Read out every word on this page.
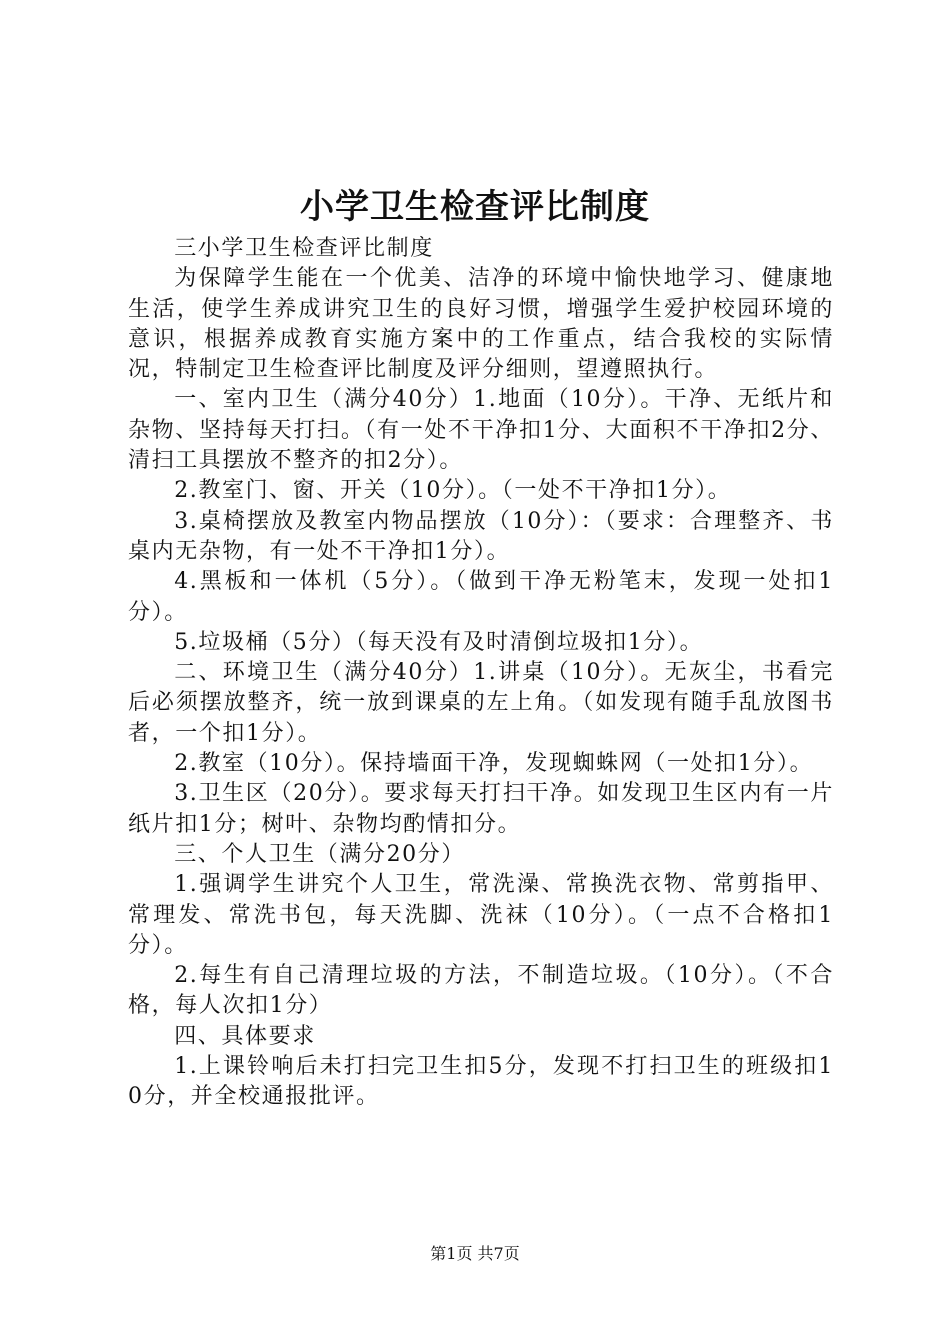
小学卫生检查评比制度

三小学卫生检查评比制度

为保障学生能在一个优美、洁净的环境中愉快地学习、健康地生活，使学生养成讲究卫生的良好习惯，增强学生爱护校园环境的意识，根据养成教育实施方案中的工作重点，结合我校的实际情况，特制定卫生检查评比制度及评分细则，望遵照执行。

一、室内卫生（满分40分）1.地面（10分）。干净、无纸片和杂物、坚持每天打扫。（有一处不干净扣1分、大面积不干净扣2分、清扫工具摆放不整齐的扣2分）。

2.教室门、窗、开关（10分）。（一处不干净扣1分）。

3.桌椅摆放及教室内物品摆放（10分）：（要求：合理整齐、书桌内无杂物，有一处不干净扣1分）。

4.黑板和一体机（5分）。（做到干净无粉笔末，发现一处扣1分）。

5.垃圾桶（5分）（每天没有及时清倒垃圾扣1分）。

二、环境卫生（满分40分）1.讲桌（10分）。无灰尘，书看完后必须摆放整齐，统一放到课桌的左上角。（如发现有随手乱放图书者，一个扣1分）。

2.教室（10分）。保持墙面干净，发现蜘蛛网（一处扣1分）。

3.卫生区（20分）。要求每天打扫干净。如发现卫生区内有一片纸片扣1分；树叶、杂物均酌情扣分。

三、个人卫生（满分20分）

1.强调学生讲究个人卫生，常洗澡、常换洗衣物、常剪指甲、常理发、常洗书包，每天洗脚、洗袜（10分）。（一点不合格扣1分）。

2.每生有自己清理垃圾的方法，不制造垃圾。（10分）。（不合格，每人次扣1分）

四、具体要求

1.上课铃响后未打扫完卫生扣5分，发现不打扫卫生的班级扣10分，并全校通报批评。

第1页 共7页
